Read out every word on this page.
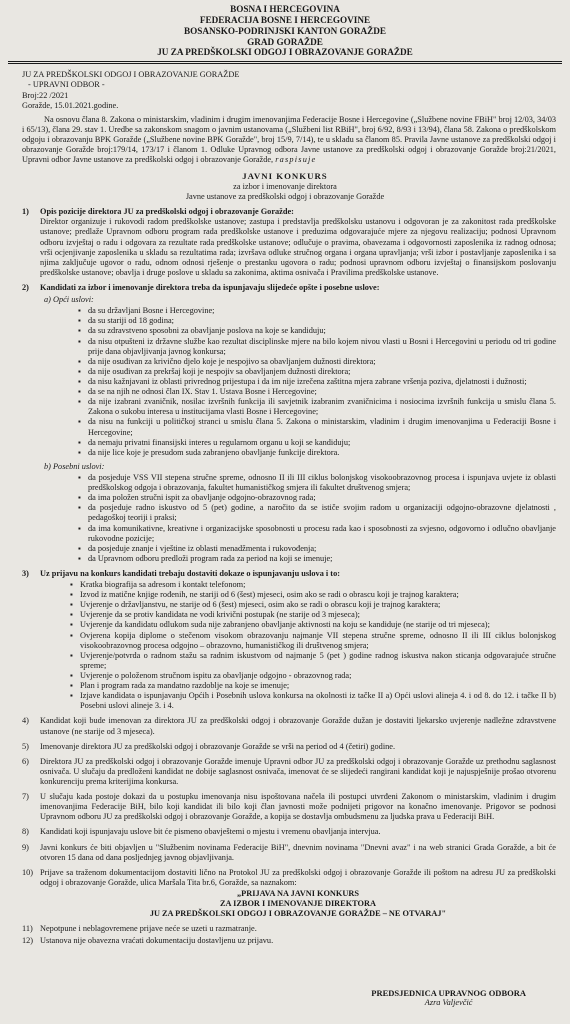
BOSNA I HERCEGOVINA
FEDERACIJA BOSNE I HERCEGOVINE
BOSANSKO-PODRINJSKI KANTON GORAŽDE
GRAD GORAŽDE
JU ZA PREDŠKOLSKI ODGOJ I OBRAZOVANJE GORAŽDE
JU ZA PREDŠKOLSKI ODGOJ I OBRAZOVANJE GORAŽDE
- UPRAVNI ODBOR -
Broj:22 /2021
Goražde, 15.01.2021.godine.
Na osnovu člana 8. Zakona o ministarskim, vladinim i drugim imenovanjima Federacije Bosne i Hercegovine („Službene novine FBiH" broj 12/03, 34/03 i 65/13), člana 29. stav 1. Uredbe sa zakonskom snagom o javnim ustanovama („Službeni list RBiH", broj 6/92, 8/93 i 13/94), člana 58. Zakona o predškolskom odgoju i obrazovanju BPK Goražde („Službene novine BPK Goražde", broj 15/9, 7/14), te u skladu sa članom 85. Pravila Javne ustanove za predškolski odgoj i obrazovanje Goražde broj:179/14, 173/17 i članom 1. Odluke Upravnog odbora Javne ustanove za predškolski odgoj i obrazovanje Goražde broj:21/2021, Upravni odbor Javne ustanove za predškolski odgoj i obrazovanje Goražde, raspisuje
JAVNI KONKURS
za izbor i imenovanje direktora
Javne ustanove za predškolski odgoj i obrazovanje Goražde
1)	Opis pozicije direktora JU za predškolski odgoj i obrazovanje Goražde:
Direktor organizuje i rukovodi radom predškolske ustanove; zastupa i predstavlja predškolsku ustanovu i odgovoran je za zakonitost rada predškolske ustanove; predlaže Upravnom odboru program rada predškolske ustanove i preduzima odgovarajuće mjere za njegovu realizaciju; podnosi Upravnom odboru izvještaj o radu i odgovara za rezultate rada predškolske ustanove; odlučuje o pravima, obavezama i odgovornosti zaposlenika iz radnog odnosa; vrši ocjenjivanje zaposlenika u skladu sa rezultatima rada; izvršava odluke stručnog organa i organa upravljanja; vrši izbor i postavljanje zaposlenika i sa njima zaključuje ugovor o radu, odnom odnosi rješenje o prestanku ugovora o radu; podnosi upravnom odboru izvještaj o finansijskom poslovanju predškolske ustanove; obavlja i druge poslove u skladu sa zakonima, aktima osnivača i Pravilima predškolske ustanove.
2)	Kandidati za izbor i imenovanje direktora treba da ispunjavaju slijedeće opšte i posebne uslove:
a) Opći uslovi:
▪ da su državljani Bosne i Hercegovine;
▪ da su stariji od 18 godina;
▪ da su zdravstveno sposobni za obavljanje poslova na koje se kandiduju;
▪ da nisu otpušteni iz državne službe kao rezultat disciplinske mjere na bilo kojem nivou vlasti u Bosni i Hercegovini u periodu od tri godine prije dana objavljivanja javnog konkursa;
▪ da nije osuđivan za krivično djelo koje je nespojivo sa obavljanjem dužnosti direktora;
▪ da nije osuđivan za prekršaj koji je nespojiv sa obavljanjem dužnosti direktora;
▪ da nisu kažnjavani iz oblasti privrednog prijestupa i da im nije izrečena zaštitna mjera zabrane vršenja poziva, djelatnosti i dužnosti;
▪ da se na njih ne odnosi član IX. Stav 1. Ustava Bosne i Hercegovine;
▪ da nije izabrani zvaničnik, nosilac izvršnih funkcija ili savjetnik izabranim zvaničnicima i nosiocima izvršnih funkcija u smislu člana 5. Zakona o sukobu interesa u institucijama vlasti Bosne i Hercegovine;
▪ da nisu na funkciji u političkoj stranci u smislu člana 5. Zakona o ministarskim, vladinim i drugim imenovanjima u Federaciji Bosne i Hercegovine;
▪ da nemaju privatni finansijski interes u regularnom organu u koji se kandiduju;
▪ da nije lice koje je presudom suda zabranjeno obavljanje funkcije direktora.
b) Posebni uslovi:
▪ da posjeduje VSS VII stepena stručne spreme, odnosno II ili III ciklus bolonjskog visokoobrazovnog procesa i ispunjava uvjete iz oblasti predškolskog odgoja i obrazovanja, fakultet humanističkog smjera ili fakultet društvenog smjera;
▪ da ima položen stručni ispit za obavljanje odgojno-obrazovnog rada;
▪ da posjeduje radno iskustvo od 5 (pet) godine, a naročito da se ističe svojim radom u organizaciji odgojno-obrazovne djelatnosti , pedagoškoj teoriji i praksi;
▪ da ima komunikativne, kreativne i organizacijske sposobnosti u procesu rada kao i sposobnosti za svjesno, odgovorno i odlučno obavljanje rukovodne pozicije;
▪ da posjeduje znanje i vještine iz oblasti menadžmenta i rukovođenja;
▪ da Upravnom odboru predloži program rada za period na koji se imenuje;
3)	Uz prijavu na konkurs kandidati trebaju dostaviti dokaze o ispunjavanju uslova i to:
▪ Kratka biografija sa adresom i kontakt telefonom;
▪ Izvod iz matične knjige rođenih, ne stariji od 6 (šest) mjeseci, osim ako se radi o obrascu koji je trajnog karaktera;
▪ Uvjerenje o državljanstvu, ne starije od 6 (šest) mjeseci, osim ako se radi o obrascu koji je trajnog karaktera;
▪ Uvjerenje da se protiv kandidata ne vodi krivični postupak (ne starije od 3 mjeseca);
▪ Uvjerenje da kandidatu odlukom suda nije zabranjeno obavljanje aktivnosti na koju se kandiduje (ne starije od tri mjeseca);
▪ Ovjerena kopija diplome o stečenom visokom obrazovanju najmanje VII stepena stručne spreme, odnosno II ili III ciklus bolonjskog visokoobrazovnog procesa odgojno – obrazovno, humanističkog ili društvenog smjera;
▪ Uvjerenje/potvrda o radnom stažu sa radnim iskustvom od najmanje 5 (pet ) godine radnog iskustva nakon sticanja odgovarajuće stručne spreme;
▪ Uvjerenje o položenom stručnom ispitu za obavljanje odgojno - obrazovnog rada;
▪ Plan i program rada za mandatno razdoblje na koje se imenuje;
▪ Izjave kandidata o ispunjavanju Općih i Posebnih uslova konkursa na okolnosti iz tačke II a) Opći uslovi alineja 4. i od 8. do 12. i tačke II b) Posebni uslovi alineje 3. i 4.
4)	Kandidat koji bude imenovan za direktora JU za predškolski odgoj i obrazovanje Goražde dužan je dostaviti ljekarsko uvjerenje nadležne zdravstvene ustanove (ne starije od 3 mjeseca).
5)	Imenovanje direktora JU za predškolski odgoj i obrazovanje Goražde se vrši na period od 4 (četiri) godine.
6)	Direktora JU za predškolski odgoj i obrazovanje Goražde imenuje Upravni odbor JU za predškolski odgoj i obrazovanje Goražde uz prethodnu saglasnost osnivača. U slučaju da predloženi kandidat ne dobije saglasnost osnivača, imenovat će se slijedeći rangirani kandidat koji je najuspješnije prošao otvorenu konkurenciju prema kriterijima konkursa.
7)	U slučaju kada postoje dokazi da u postupku imenovanja nisu ispoštovana načela ili postupci utvrđeni Zakonom o ministarskim, vladinim i drugim imenovanjima Federacije BiH, bilo koji kandidat ili bilo koji član javnosti može podnijeti prigovor na konačno imenovanje. Prigovor se podnosi Upravnom odboru JU za predškolski odgoj i obrazovanje Goražde, a kopija se dostavlja ombudsmenu za ljudska prava u Federaciji BiH.
8)	Kandidati koji ispunjavaju uslove bit će pismeno obavještemi o mjestu i vremenu obavljanja intervjua.
9)	Javni konkurs će biti objavljen u "Službenim novinama Federacije BiH", dnevnim novinama "Dnevni avaz" i na web stranici Grada Goražde, a bit će otvoren 15 dana od dana posljednjeg javnog objavljivanja.
10) Prijave sa traženom dokumentacijom dostaviti lično na Protokol JU za predškolski odgoj i obrazovanje Goražde ili poštom na adresu JU za predškolski odgoj i obrazovanje Goražde, ulica Maršala Tita br.6, Goražde, sa naznakom:
„PRIJAVA NA JAVNI KONKURS
ZA IZBOR I IMENOVANJE DIREKTORA
JU ZA PREDŠKOLSKI ODGOJ I OBRAZOVANJE GORAŽDE – NE OTVARAJ"
11) Nepotpune i neblagovremene prijave neće se uzeti u razmatranje.
12) Ustanova nije obavezna vraćati dokumentaciju dostavljenu uz prijavu.
PREDSJEDNICA UPRAVNOG ODBORA
Azra Valjevčić
